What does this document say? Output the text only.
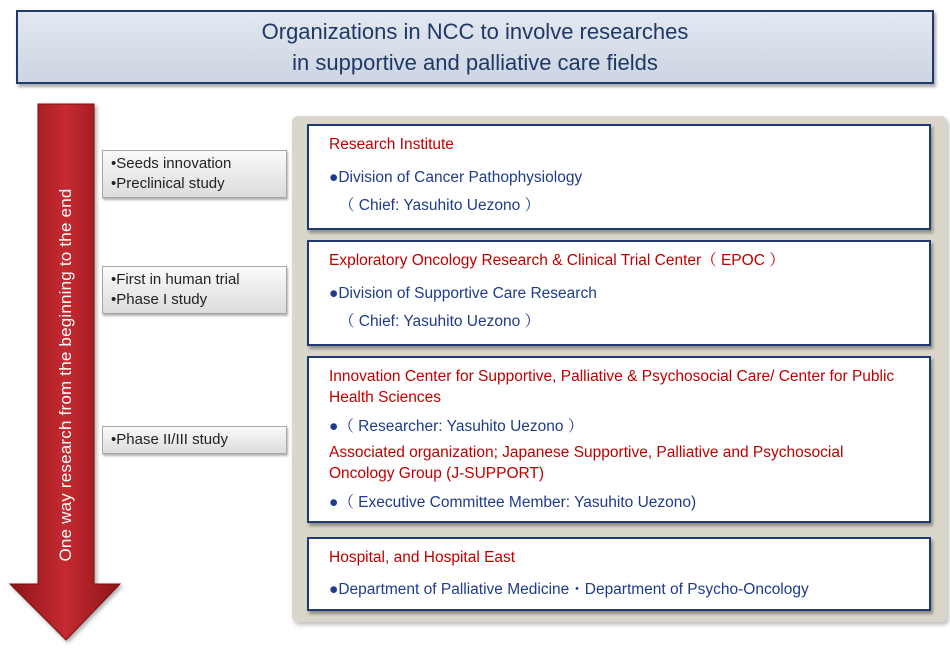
Organizations in NCC to involve researches
in supportive and palliative care fields
One way research from the beginning to the end
• Seeds innovation
• Preclinical study
• First in human trial
• Phase I study
• Phase II/III study
Research Institute
●Division of Cancer Pathophysiology
（ Chief: Yasuhito Uezono ）
Exploratory Oncology Research & Clinical Trial Center（ EPOC ）
●Division of Supportive Care Research
（ Chief: Yasuhito Uezono ）
Innovation Center for Supportive, Palliative & Psychosocial Care/ Center for Public Health Sciences
●（ Researcher: Yasuhito Uezono ）
Associated organization; Japanese Supportive, Palliative and Psychosocial Oncology Group (J-SUPPORT)
●（ Executive Committee Member: Yasuhito Uezono)
Hospital, and Hospital East
●Department of Palliative Medicine・Department of Psycho-Oncology
